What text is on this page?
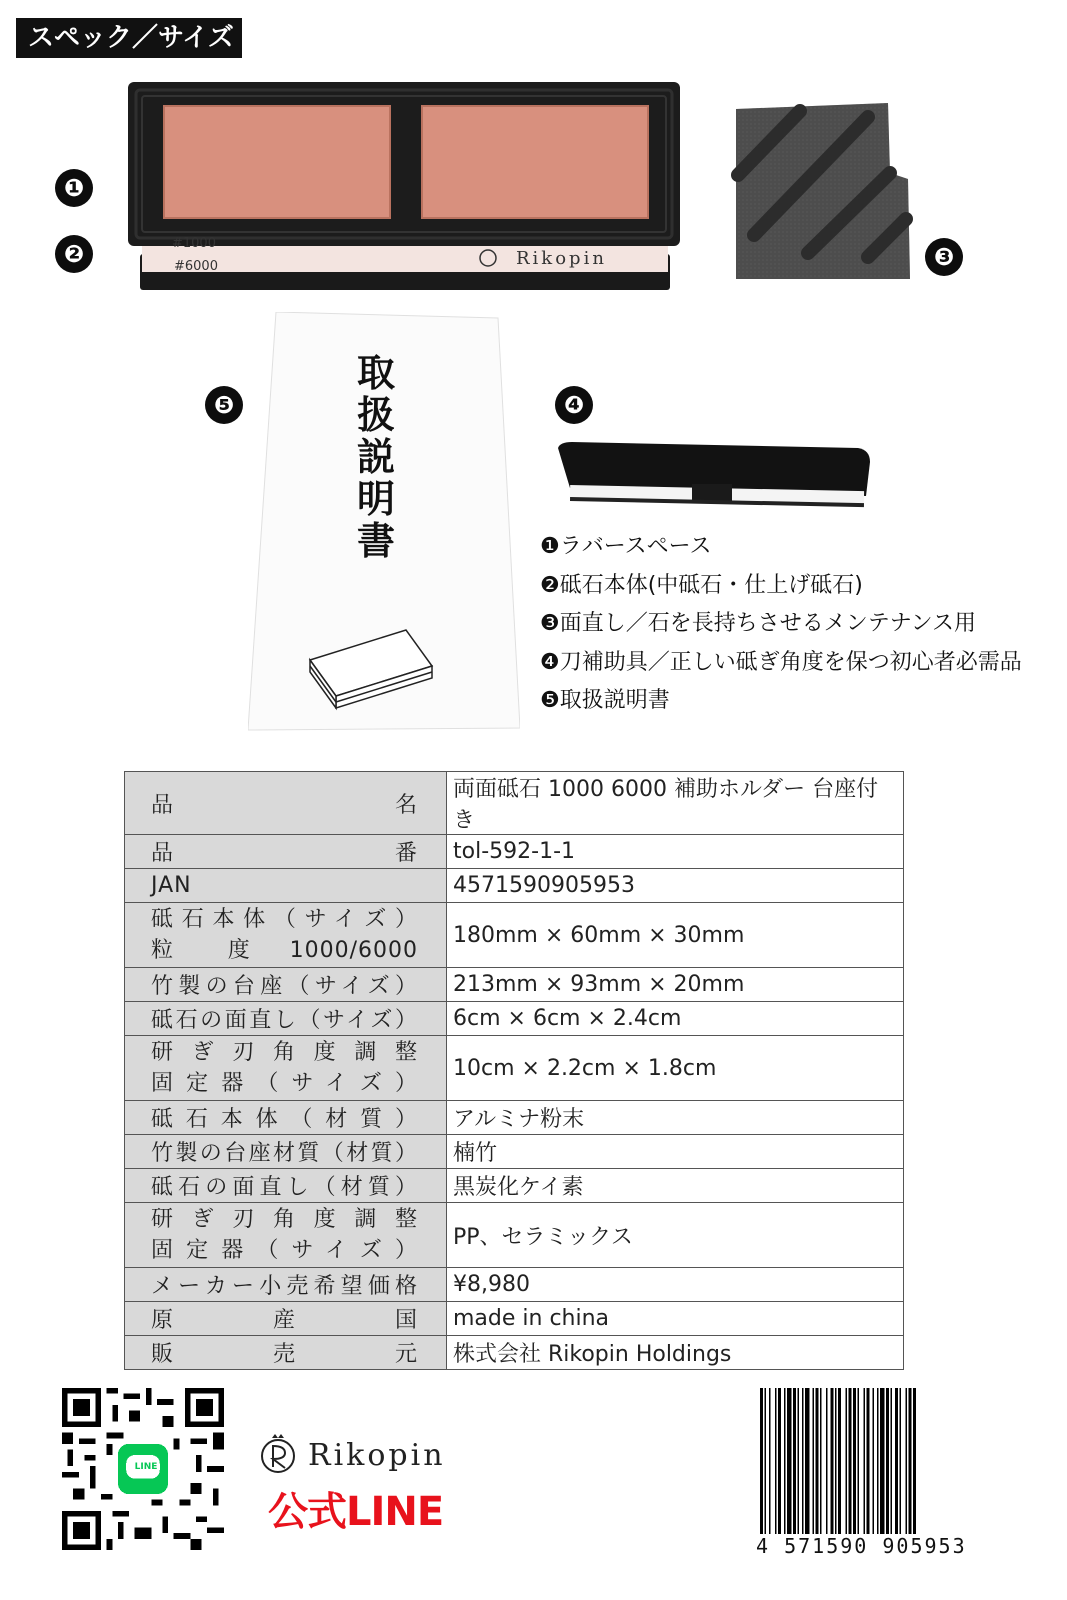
スペック／サイズ
❶
❷	❸
❹
❺
#1000
#6000	Rikopin
取扱説明書	❶ラバースペース
❷砥石本体(中砥石・仕上げ砥石)
❸面直し／石を長持ちさせるメンテナンス用
❹刀補助具／正しい砥ぎ角度を保つ初心者必需品
❺取扱説明書
品名	両面砥石 1000 6000 補助ホルダー 台座付き
品番	tol-592-1-1
JAN	4571590905953

砥石本体（サイズ）
粒　度 1000/6000	180mm × 60mm × 30mm
竹製の台座（サイズ）	213mm × 93mm × 20mm
砥石の面直し（サイズ）	6cm × 6cm × 2.4cm

研ぎ刃角度調整
固定器（サイズ）	10cm × 2.2cm × 1.8cm
砥石本体（材質）	アルミナ粉末
竹製の台座材質（材質）	楠竹
砥石の面直し（材質）	黒炭化ケイ素

研ぎ刃角度調整
固定器（サイズ）	PP、セラミックス
メーカー小売希望価格	¥8,980
原産国	made in china
販売元	株式会社 Rikopin Holdings
LINE	Rikopin
公式LINE
4 571590 905953
